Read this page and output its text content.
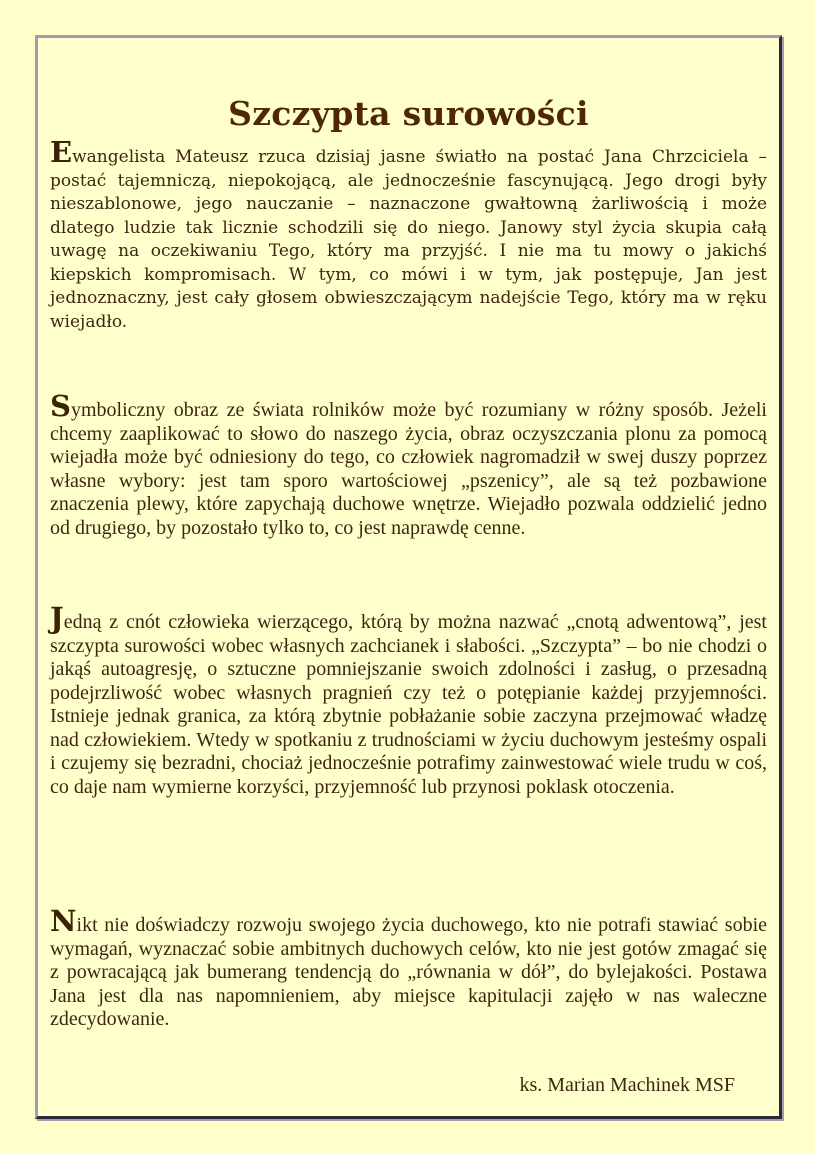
Szczypta surowości

Ewangelista Mateusz rzuca dzisiaj jasne światło na postać Jana Chrzciciela – postać tajemniczą, niepokojącą, ale jednocześnie fascynującą. Jego drogi były nieszablonowe, jego nauczanie – naznaczone gwałtowną żarliwością i może dlatego ludzie tak licznie schodzili się do niego. Janowy styl życia skupia całą uwagę na oczekiwaniu Tego, który ma przyjść. I nie ma tu mowy o jakichś kiepskich kompromisach. W tym, co mówi i w tym, jak postępuje, Jan jest jednoznaczny, jest cały głosem obwieszczającym nadejście Tego, który ma w ręku wiejadło.

Symboliczny obraz ze świata rolników może być rozumiany w różny sposób. Jeżeli chcemy zaaplikować to słowo do naszego życia, obraz oczyszczania plonu za pomocą wiejadła może być odniesiony do tego, co człowiek nagromadził w swej duszy poprzez własne wybory: jest tam sporo wartościowej „pszenicy”, ale są też pozbawione znaczenia plewy, które zapychają duchowe wnętrze. Wiejadło pozwala oddzielić jedno od drugiego, by pozostało tylko to, co jest naprawdę cenne.

Jedną z cnót człowieka wierzącego, którą by można nazwać „cnotą adwentową”, jest szczypta surowości wobec własnych zachcianek i słabości. „Szczypta” – bo nie chodzi o jakąś autoagresję, o sztuczne pomniejszanie swoich zdolności i zasług, o przesadną podejrzliwość wobec własnych pragnień czy też o potępianie każdej przyjemności. Istnieje jednak granica, za którą zbytnie pobłażanie sobie zaczyna przejmować władzę nad człowiekiem. Wtedy w spotkaniu z trudnościami w życiu duchowym jesteśmy ospali i czujemy się bezradni, chociaż jednocześnie potrafimy zainwestować wiele trudu w coś, co daje nam wymierne korzyści, przyjemność lub przynosi poklask otoczenia.

Nikt nie doświadczy rozwoju swojego życia duchowego, kto nie potrafi stawiać sobie wymagań, wyznaczać sobie ambitnych duchowych celów, kto nie jest gotów zmagać się z powracającą jak bumerang tendencją do „równania w dół”, do bylejakości. Postawa Jana jest dla nas napomnieniem, aby miejsce kapitulacji zajęło w nas waleczne zdecydowanie.

ks. Marian Machinek MSF
